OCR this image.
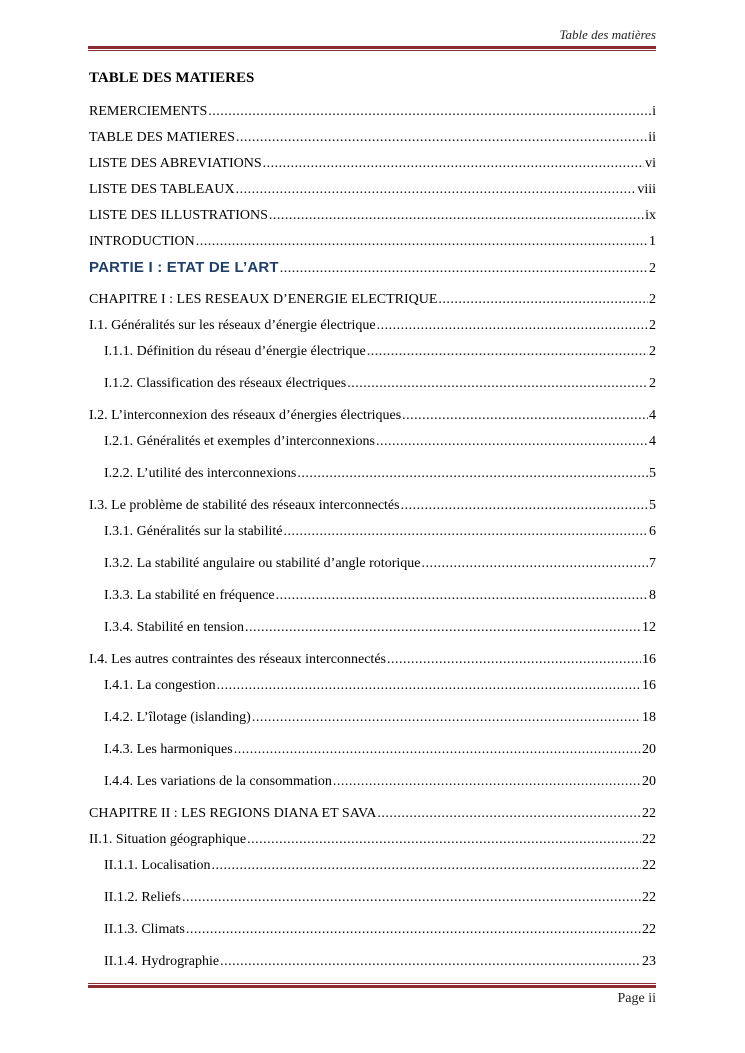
Table des matières
TABLE DES MATIERES
REMERCIEMENTS .....	i
TABLE DES MATIERES .....	ii
LISTE DES ABREVIATIONS .....	vi
LISTE DES TABLEAUX .....	viii
LISTE DES ILLUSTRATIONS .....	ix
INTRODUCTION .....	1
PARTIE I : ETAT DE L’ART .....	2
CHAPITRE I : LES RESEAUX D’ENERGIE ELECTRIQUE .....	2
I.1. Généralités sur les réseaux d’énergie électrique .....	2
I.1.1. Définition du réseau d’énergie électrique .....	2
I.1.2. Classification des réseaux électriques .....	2
I.2. L’interconnexion des réseaux d’énergies électriques .....	4
I.2.1. Généralités et exemples d’interconnexions .....	4
I.2.2. L’utilité des interconnexions .....	5
I.3. Le problème de stabilité des réseaux interconnectés .....	5
I.3.1. Généralités sur la stabilité .....	6
I.3.2. La stabilité angulaire ou stabilité d’angle rotorique .....	7
I.3.3. La stabilité en fréquence .....	8
I.3.4. Stabilité en tension .....	12
I.4. Les autres contraintes des réseaux interconnectés .....	16
I.4.1. La congestion .....	16
I.4.2. L’îlotage (islanding) .....	18
I.4.3. Les harmoniques .....	20
I.4.4. Les variations de la consommation .....	20
CHAPITRE II : LES REGIONS DIANA ET SAVA .....	22
II.1. Situation géographique .....	22
II.1.1. Localisation .....	22
II.1.2. Reliefs .....	22
II.1.3. Climats .....	22
II.1.4. Hydrographie .....	23
Page ii
